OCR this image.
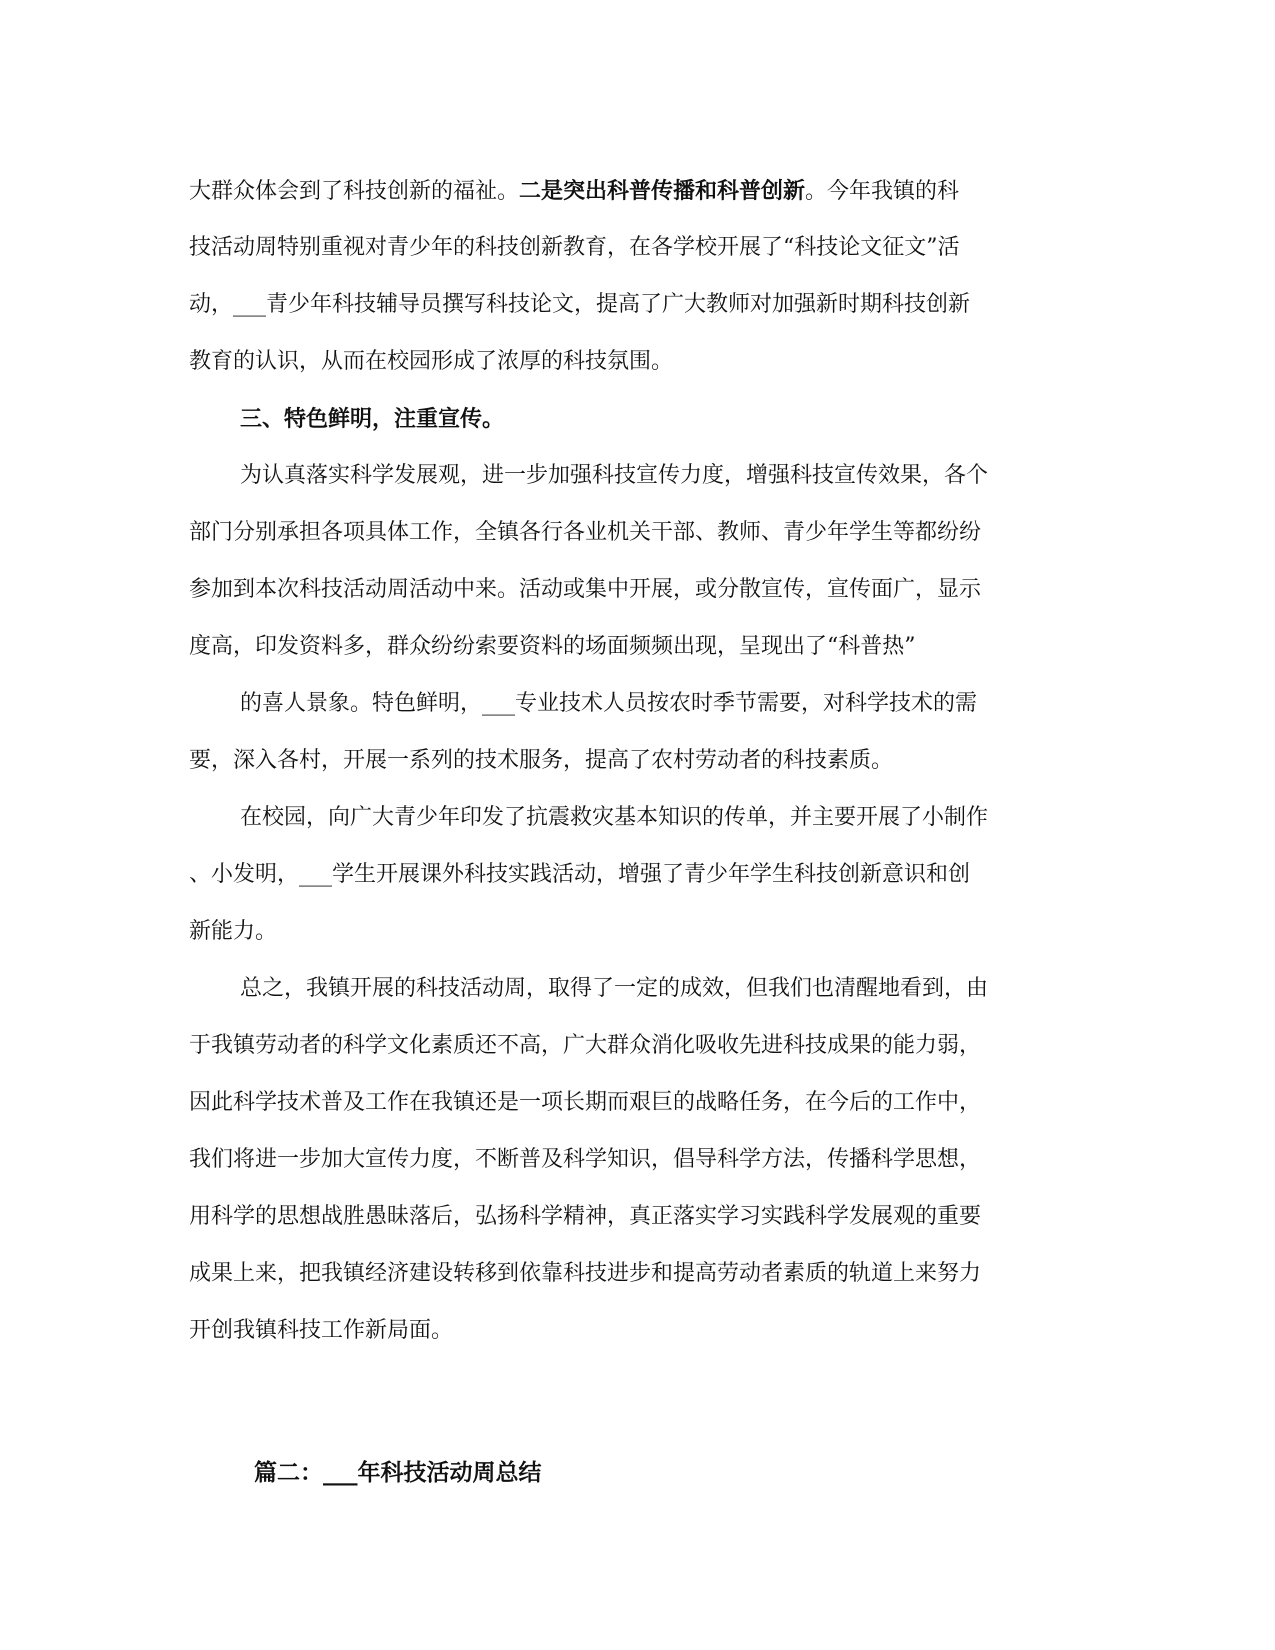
大群众体会到了科技创新的福祉。二是突出科普传播和科普创新。今年我镇的科
技活动周特别重视对青少年的科技创新教育，在各学校开展了“科技论文征文”活
动，___青少年科技辅导员撰写科技论文，提高了广大教师对加强新时期科技创新
教育的认识，从而在校园形成了浓厚的科技氛围。
三、特色鲜明，注重宣传。
为认真落实科学发展观，进一步加强科技宣传力度，增强科技宣传效果，各个
部门分别承担各项具体工作，全镇各行各业机关干部、教师、青少年学生等都纷纷
参加到本次科技活动周活动中来。活动或集中开展，或分散宣传，宣传面广，显示
度高，印发资料多，群众纷纷索要资料的场面频频出现，呈现出了“科普热”
的喜人景象。特色鲜明，___专业技术人员按农时季节需要，对科学技术的需
要，深入各村，开展一系列的技术服务，提高了农村劳动者的科技素质。
在校园，向广大青少年印发了抗震救灾基本知识的传单，并主要开展了小制作
、小发明，___学生开展课外科技实践活动，增强了青少年学生科技创新意识和创
新能力。
总之，我镇开展的科技活动周，取得了一定的成效，但我们也清醒地看到，由
于我镇劳动者的科学文化素质还不高，广大群众消化吸收先进科技成果的能力弱，
因此科学技术普及工作在我镇还是一项长期而艰巨的战略任务，在今后的工作中，
我们将进一步加大宣传力度，不断普及科学知识，倡导科学方法，传播科学思想，
用科学的思想战胜愚昧落后，弘扬科学精神，真正落实学习实践科学发展观的重要
成果上来，把我镇经济建设转移到依靠科技进步和提高劳动者素质的轨道上来努力
开创我镇科技工作新局面。
篇二：___年科技活动周总结
